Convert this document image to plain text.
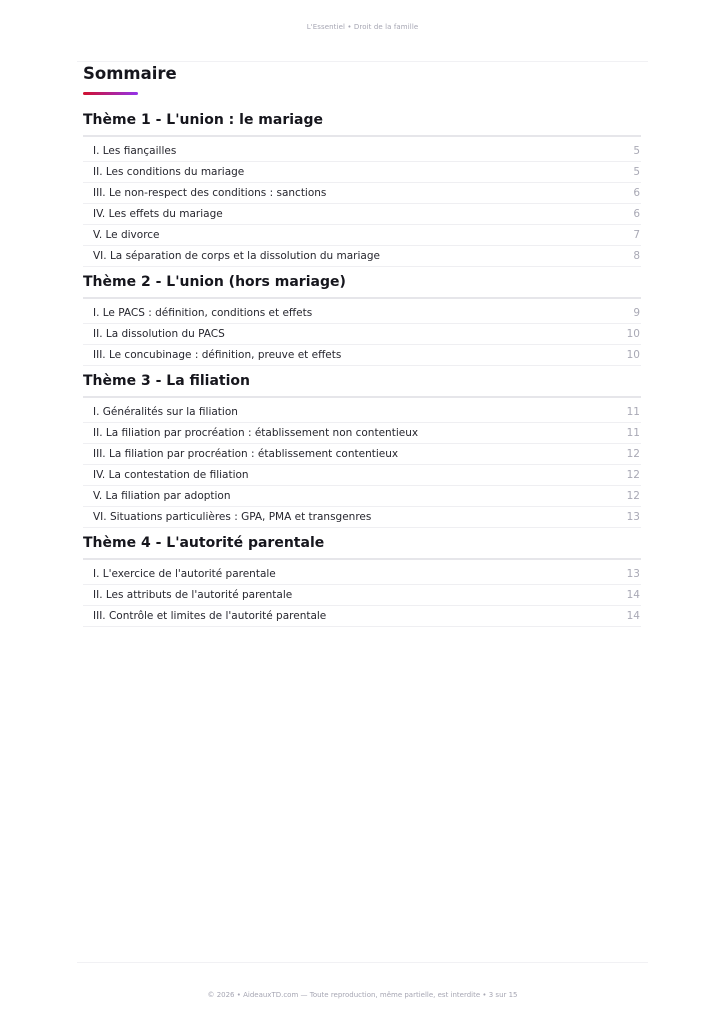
L'Essentiel • Droit de la famille
Sommaire
Thème 1 - L'union : le mariage
I. Les fiançailles	5
II. Les conditions du mariage	5
III. Le non-respect des conditions : sanctions	6
IV. Les effets du mariage	6
V. Le divorce	7
VI. La séparation de corps et la dissolution du mariage	8
Thème 2 - L'union (hors mariage)
I. Le PACS : définition, conditions et effets	9
II. La dissolution du PACS	10
III. Le concubinage : définition, preuve et effets	10
Thème 3 - La filiation
I. Généralités sur la filiation	11
II. La filiation par procréation : établissement non contentieux	11
III. La filiation par procréation : établissement contentieux	12
IV. La contestation de filiation	12
V. La filiation par adoption	12
VI. Situations particulières : GPA, PMA et transgenres	13
Thème 4 - L'autorité parentale
I. L'exercice de l'autorité parentale	13
II. Les attributs de l'autorité parentale	14
III. Contrôle et limites de l'autorité parentale	14
© 2026 • AideauxTD.com — Toute reproduction, même partielle, est interdite • 3 sur 15
